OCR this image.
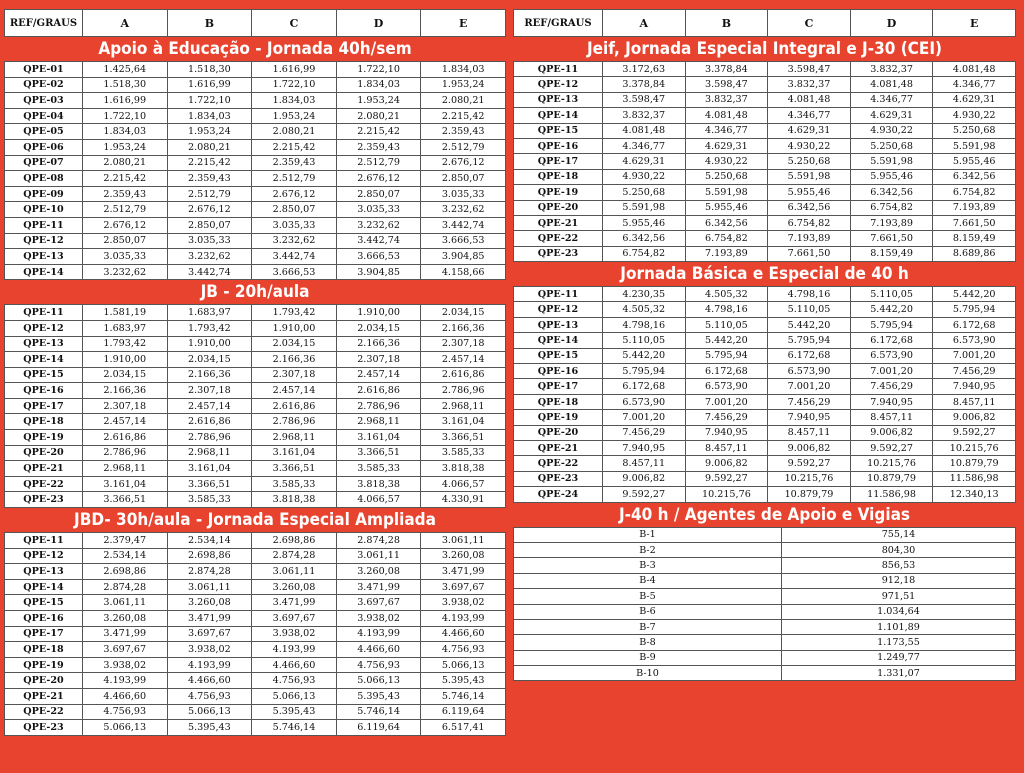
REF/GRAUS	A	B	C	D	E
Apoio à Educação - Jornada 40h/sem					
QPE-01	1.425,64	1.518,30	1.616,99	1.722,10	1.834,03
QPE-02	1.518,30	1.616,99	1.722,10	1.834,03	1.953,24
QPE-03	1.616,99	1.722,10	1.834,03	1.953,24	2.080,21
QPE-04	1.722,10	1.834,03	1.953,24	2.080,21	2.215,42
QPE-05	1.834,03	1.953,24	2.080,21	2.215,42	2.359,43
QPE-06	1.953,24	2.080,21	2.215,42	2.359,43	2.512,79
QPE-07	2.080,21	2.215,42	2.359,43	2.512,79	2.676,12
QPE-08	2.215,42	2.359,43	2.512,79	2.676,12	2.850,07
QPE-09	2.359,43	2.512,79	2.676,12	2.850,07	3.035,33
QPE-10	2.512,79	2.676,12	2.850,07	3.035,33	3.232,62
QPE-11	2.676,12	2.850,07	3.035,33	3.232,62	3.442,74
QPE-12	2.850,07	3.035,33	3.232,62	3.442,74	3.666,53
QPE-13	3.035,33	3.232,62	3.442,74	3.666,53	3.904,85
QPE-14	3.232,62	3.442,74	3.666,53	3.904,85	4.158,66
JB - 20h/aula					
QPE-11	1.581,19	1.683,97	1.793,42	1.910,00	2.034,15
QPE-12	1.683,97	1.793,42	1.910,00	2.034,15	2.166,36
QPE-13	1.793,42	1.910,00	2.034,15	2.166,36	2.307,18
QPE-14	1.910,00	2.034,15	2.166,36	2.307,18	2.457,14
QPE-15	2.034,15	2.166,36	2.307,18	2.457,14	2.616,86
QPE-16	2.166,36	2.307,18	2.457,14	2.616,86	2.786,96
QPE-17	2.307,18	2.457,14	2.616,86	2.786,96	2.968,11
QPE-18	2.457,14	2.616,86	2.786,96	2.968,11	3.161,04
QPE-19	2.616,86	2.786,96	2.968,11	3.161,04	3.366,51
QPE-20	2.786,96	2.968,11	3.161,04	3.366,51	3.585,33
QPE-21	2.968,11	3.161,04	3.366,51	3.585,33	3.818,38
QPE-22	3.161,04	3.366,51	3.585,33	3.818,38	4.066,57
QPE-23	3.366,51	3.585,33	3.818,38	4.066,57	4.330,91
JBD- 30h/aula - Jornada Especial Ampliada					
QPE-11	2.379,47	2.534,14	2.698,86	2.874,28	3.061,11
QPE-12	2.534,14	2.698,86	2.874,28	3.061,11	3.260,08
QPE-13	2.698,86	2.874,28	3.061,11	3.260,08	3.471,99
QPE-14	2.874,28	3.061,11	3.260,08	3.471,99	3.697,67
QPE-15	3.061,11	3.260,08	3.471,99	3.697,67	3.938,02
QPE-16	3.260,08	3.471,99	3.697,67	3.938,02	4.193,99
QPE-17	3.471,99	3.697,67	3.938,02	4.193,99	4.466,60
QPE-18	3.697,67	3.938,02	4.193,99	4.466,60	4.756,93
QPE-19	3.938,02	4.193,99	4.466,60	4.756,93	5.066,13
QPE-20	4.193,99	4.466,60	4.756,93	5.066,13	5.395,43
QPE-21	4.466,60	4.756,93	5.066,13	5.395,43	5.746,14
QPE-22	4.756,93	5.066,13	5.395,43	5.746,14	6.119,64
QPE-23	5.066,13	5.395,43	5.746,14	6.119,64	6.517,41
REF/GRAUS	A	B	C	D	E
Jeif, Jornada Especial Integral e J-30 (CEI)					
QPE-11	3.172,63	3.378,84	3.598,47	3.832,37	4.081,48
QPE-12	3.378,84	3.598,47	3.832,37	4.081,48	4.346,77
QPE-13	3.598,47	3.832,37	4.081,48	4.346,77	4.629,31
QPE-14	3.832,37	4.081,48	4.346,77	4.629,31	4.930,22
QPE-15	4.081,48	4.346,77	4.629,31	4.930,22	5.250,68
QPE-16	4.346,77	4.629,31	4.930,22	5.250,68	5.591,98
QPE-17	4.629,31	4.930,22	5.250,68	5.591,98	5.955,46
QPE-18	4.930,22	5.250,68	5.591,98	5.955,46	6.342,56
QPE-19	5.250,68	5.591,98	5.955,46	6.342,56	6.754,82
QPE-20	5.591,98	5.955,46	6.342,56	6.754,82	7.193,89
QPE-21	5.955,46	6.342,56	6.754,82	7.193,89	7.661,50
QPE-22	6.342,56	6.754,82	7.193,89	7.661,50	8.159,49
QPE-23	6.754,82	7.193,89	7.661,50	8.159,49	8.689,86
Jornada Básica e Especial de 40 h					
QPE-11	4.230,35	4.505,32	4.798,16	5.110,05	5.442,20
QPE-12	4.505,32	4.798,16	5.110,05	5.442,20	5.795,94
QPE-13	4.798,16	5.110,05	5.442,20	5.795,94	6.172,68
QPE-14	5.110,05	5.442,20	5.795,94	6.172,68	6.573,90
QPE-15	5.442,20	5.795,94	6.172,68	6.573,90	7.001,20
QPE-16	5.795,94	6.172,68	6.573,90	7.001,20	7.456,29
QPE-17	6.172,68	6.573,90	7.001,20	7.456,29	7.940,95
QPE-18	6.573,90	7.001,20	7.456,29	7.940,95	8.457,11
QPE-19	7.001,20	7.456,29	7.940,95	8.457,11	9.006,82
QPE-20	7.456,29	7.940,95	8.457,11	9.006,82	9.592,27
QPE-21	7.940,95	8.457,11	9.006,82	9.592,27	10.215,76
QPE-22	8.457,11	9.006,82	9.592,27	10.215,76	10.879,79
QPE-23	9.006,82	9.592,27	10.215,76	10.879,79	11.586,98
QPE-24	9.592,27	10.215,76	10.879,79	11.586,98	12.340,13
J-40 h / Agentes de Apoio e Vigias
B-1	755,14
B-2	804,30
B-3	856,53
B-4	912,18
B-5	971,51
B-6	1.034,64
B-7	1.101,89
B-8	1.173,55
B-9	1.249,77
B-10	1.331,07
